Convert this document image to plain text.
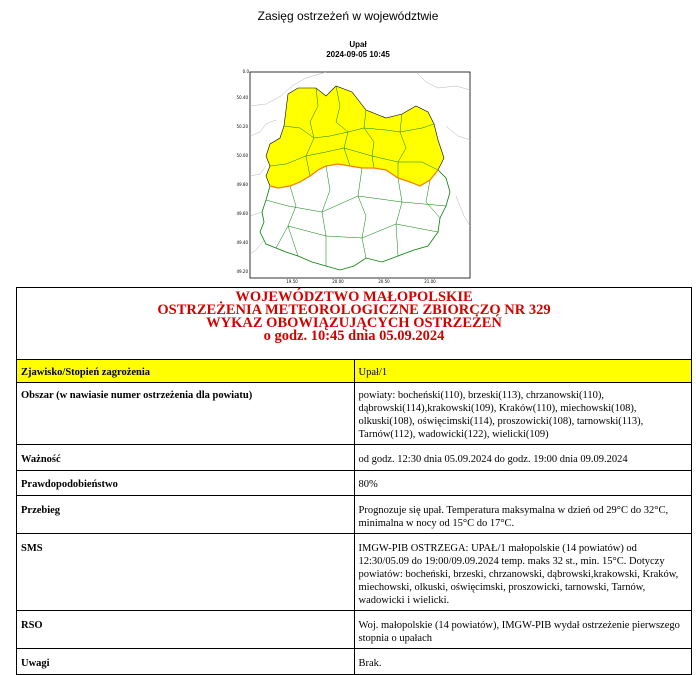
Zasięg ostrzeżeń w województwie
Upał
2024-09-05 10:45
0.0
50.40
50.20
50.00
49.80
49.60
49.40
49.20
19.50	20.00	20.50	21.00
WOJEWÓDZTWO MAŁOPOLSKIE
OSTRZEŻENIA METEOROLOGICZNE ZBIORCZO NR 329
WYKAZ OBOWIĄZUJĄCYCH OSTRZEŻEŃ
o godz. 10:45 dnia 05.09.2024	

Zjawisko/Stopień zagrożenia	Upał/1
Obszar (w nawiasie numer ostrzeżenia dla powiatu)	powiaty: bocheński(110), brzeski(113), chrzanowski(110), dąbrowski(114),krakowski(109), Kraków(110), miechowski(108), olkuski(108), oświęcimski(114), proszowicki(108), tarnowski(113), Tarnów(112), wadowicki(122), wielicki(109)
Ważność	od godz. 12:30 dnia 05.09.2024 do godz. 19:00 dnia 09.09.2024
Prawdopodobieństwo	80%
Przebieg	Prognozuje się upał. Temperatura maksymalna w dzień od 29°C do 32°C, minimalna w nocy od 15°C do 17°C.
SMS	IMGW-PIB OSTRZEGA: UPAŁ/1 małopolskie (14 powiatów) od 12:30/05.09 do 19:00/09.09.2024 temp. maks 32 st., min. 15°C. Dotyczy powiatów: bocheński, brzeski, chrzanowski, dąbrowski,krakowski, Kraków, miechowski, olkuski, oświęcimski, proszowicki, tarnowski, Tarnów, wadowicki i wielicki.
RSO	Woj. małopolskie (14 powiatów), IMGW-PIB wydał ostrzeżenie pierwszego stopnia o upałach
Uwagi	Brak.
